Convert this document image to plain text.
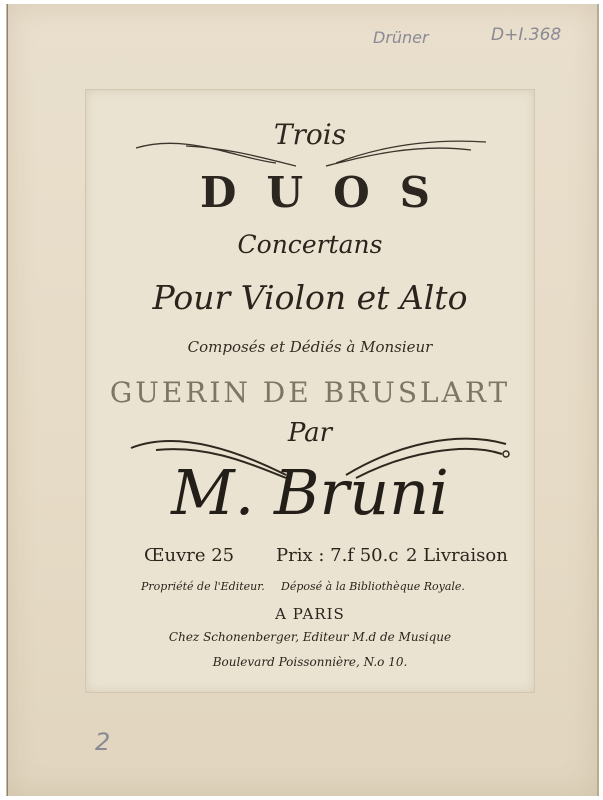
Drüner	D+I.368
2
Trois
DUOS
Concertans
Pour Violon et Alto
Composés et Dédiés à Monsieur
GUERIN DE BRUSLART
Par
M. Bruni
Œuvre 25 Prix : 7.f 50.c 2 Livraison
Propriété de l'Editeur. Déposé à la Bibliothèque Royale.
A PARIS
Chez Schonenberger, Editeur M.d de Musique
Boulevard Poissonnière, N.o 10.
